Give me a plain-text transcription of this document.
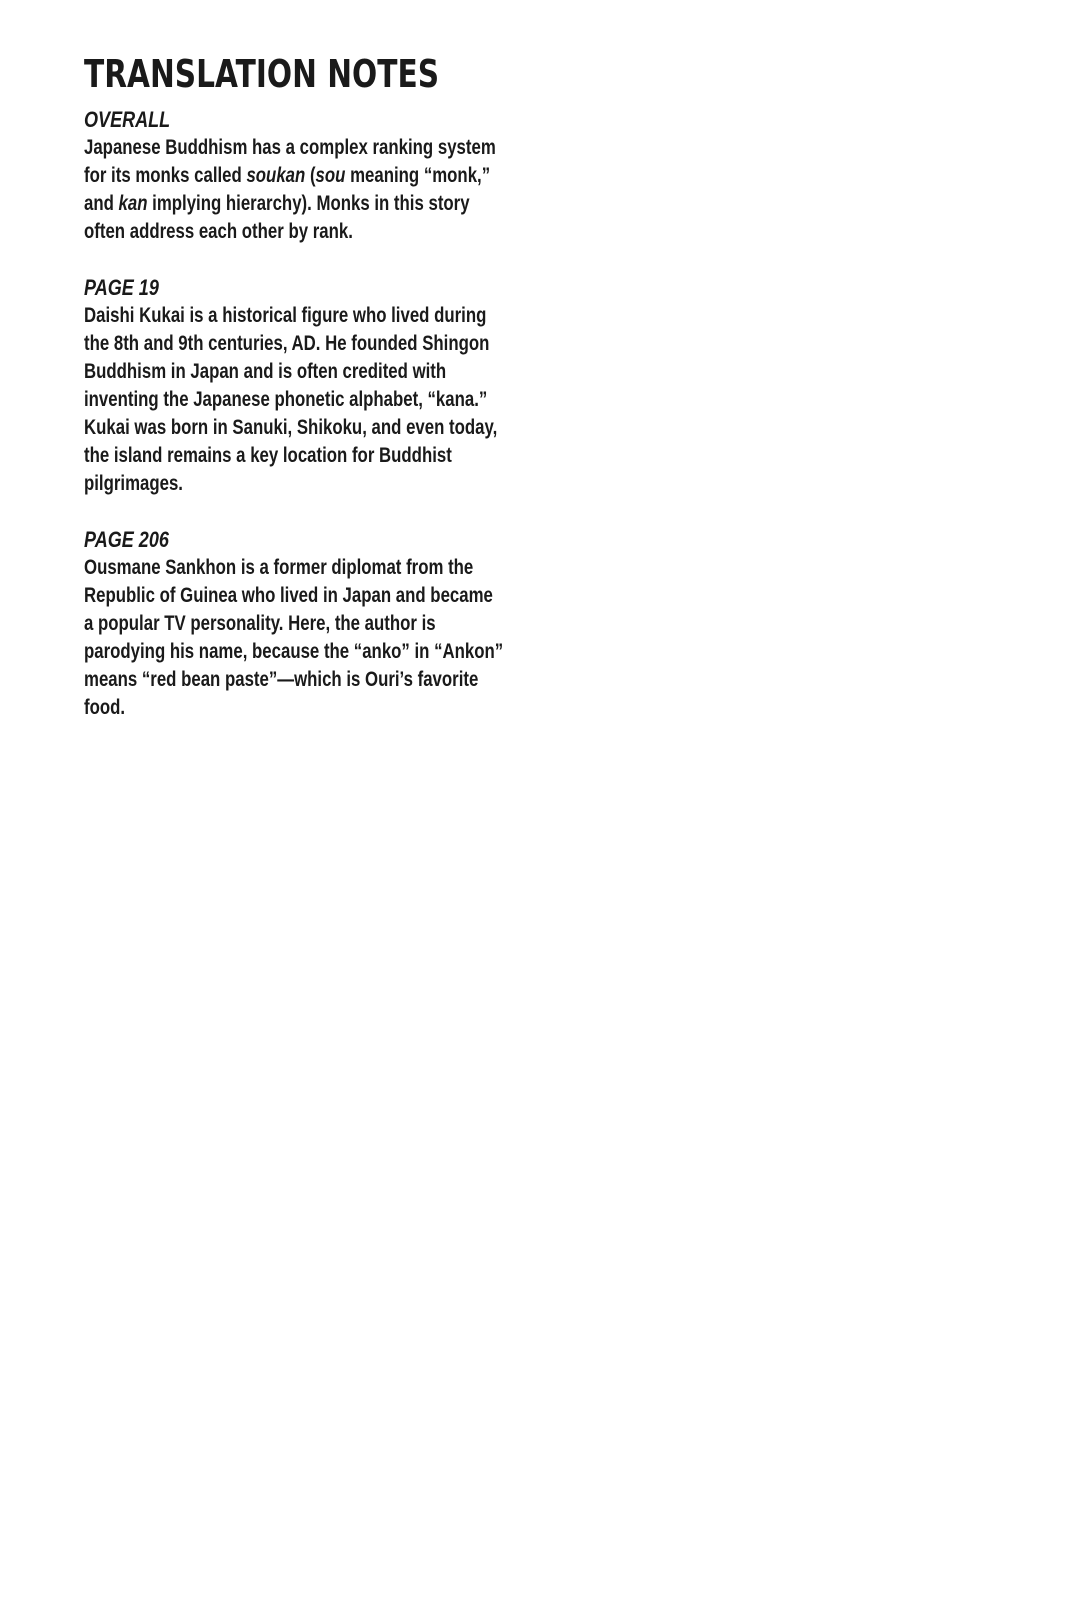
TRANSLATION NOTES
OVERALL
Japanese Buddhism has a complex ranking system
for its monks called soukan (sou meaning “monk,”
and kan implying hierarchy). Monks in this story
often address each other by rank.
PAGE 19
Daishi Kukai is a historical figure who lived during
the 8th and 9th centuries, AD. He founded Shingon
Buddhism in Japan and is often credited with
inventing the Japanese phonetic alphabet, “kana.”
Kukai was born in Sanuki, Shikoku, and even today,
the island remains a key location for Buddhist
pilgrimages.
PAGE 206
Ousmane Sankhon is a former diplomat from the
Republic of Guinea who lived in Japan and became
a popular TV personality. Here, the author is
parodying his name, because the “anko” in “Ankon”
means “red bean paste”—which is Ouri’s favorite
food.
